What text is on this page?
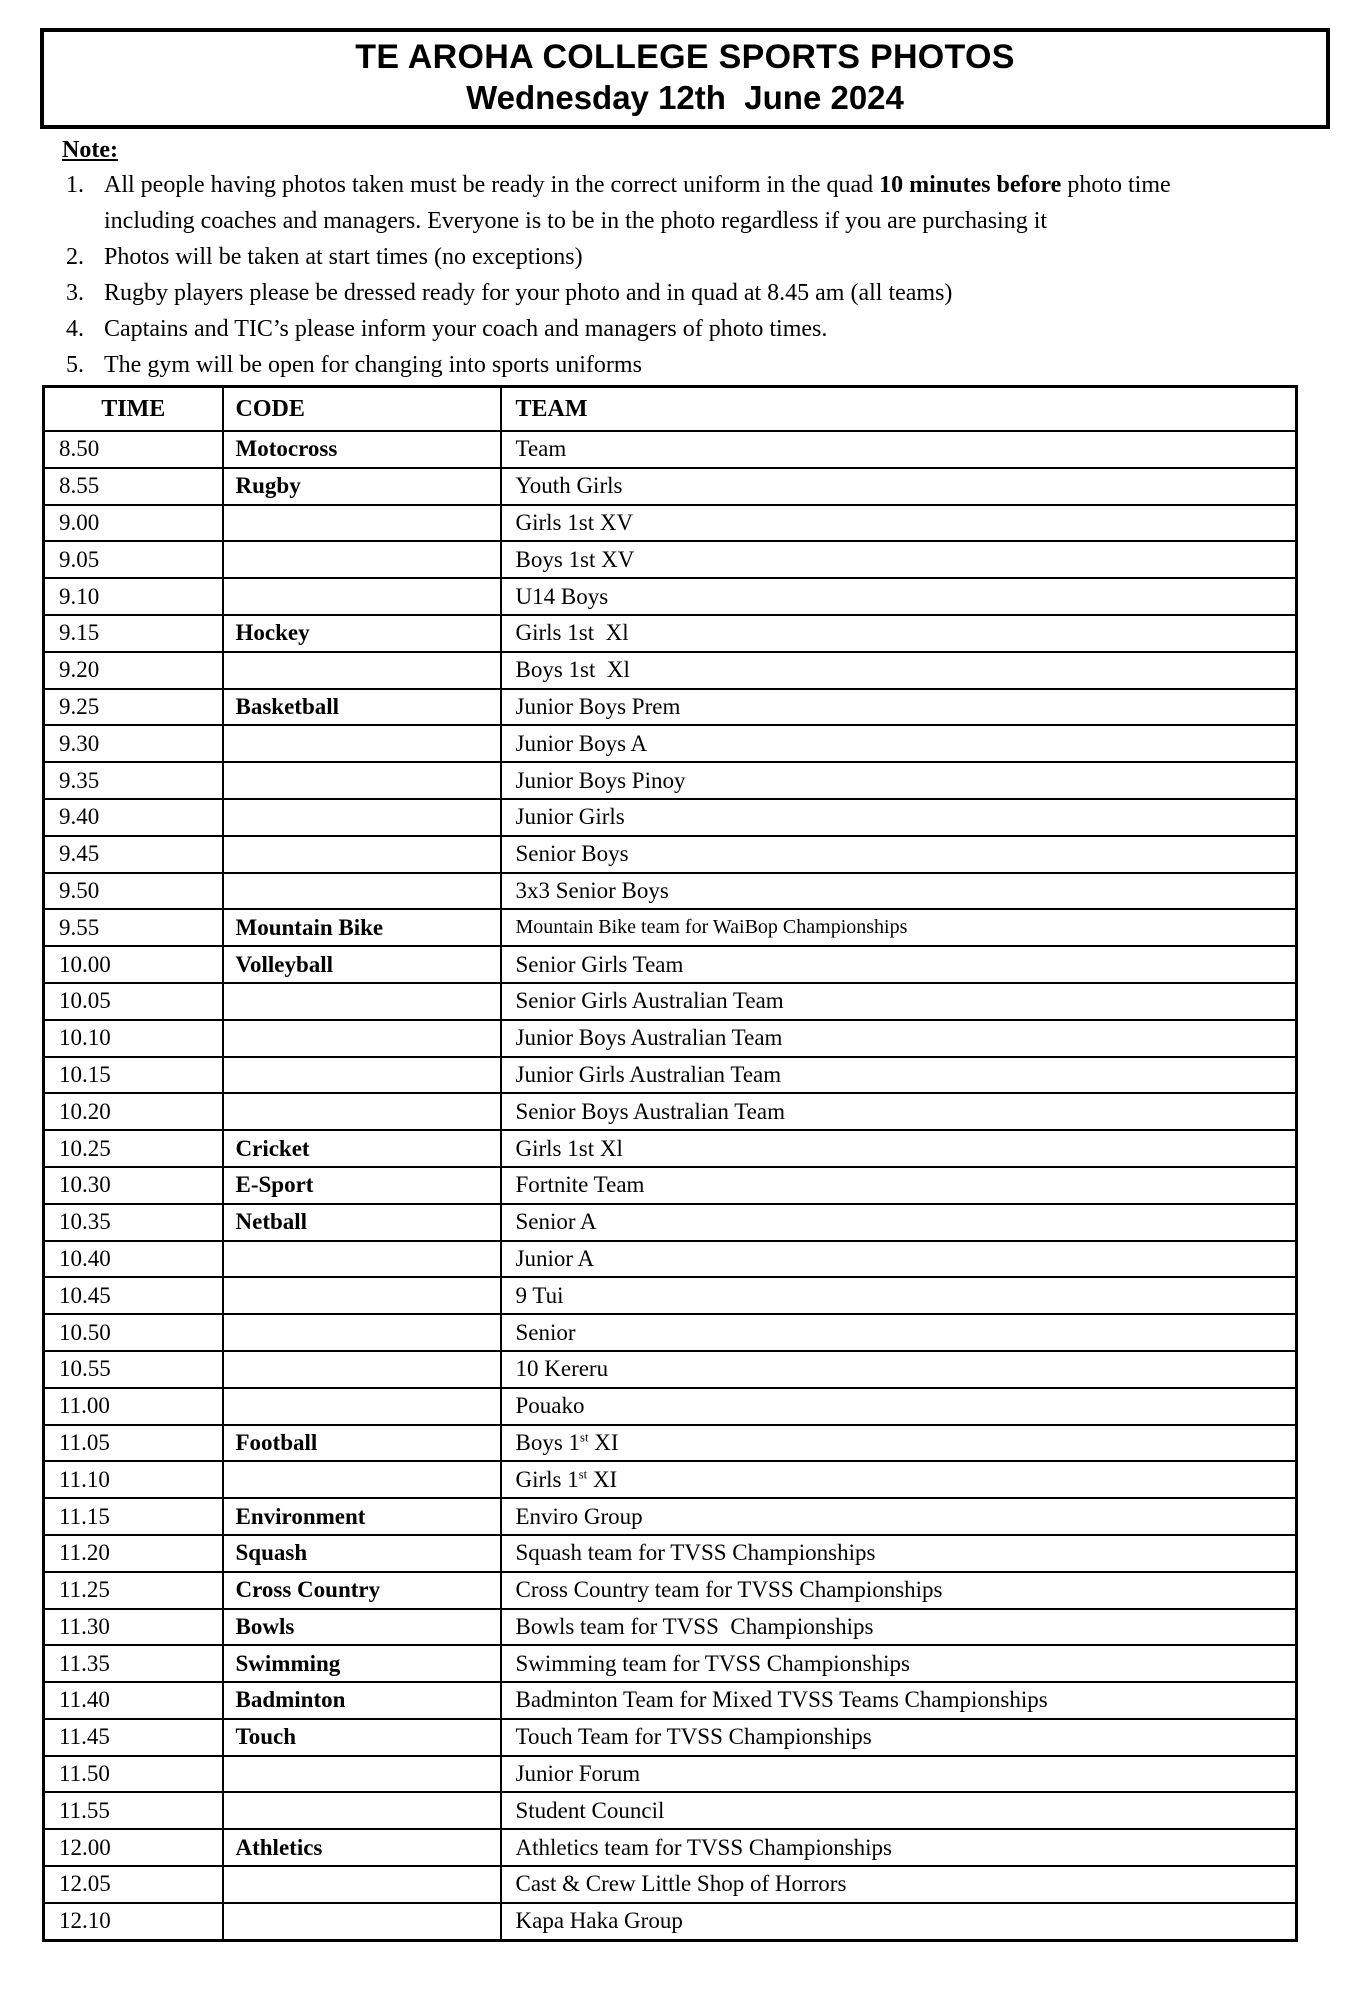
TE AROHA COLLEGE SPORTS PHOTOS
Wednesday 12th  June 2024
Note:
1. All people having photos taken must be ready in the correct uniform in the quad 10 minutes before photo time including coaches and managers. Everyone is to be in the photo regardless if you are purchasing it
2. Photos will be taken at start times (no exceptions)
3. Rugby players please be dressed ready for your photo and in quad at 8.45 am (all teams)
4. Captains and TIC’s please inform your coach and managers of photo times.
5. The gym will be open for changing into sports uniforms
TIME	CODE	TEAM
8.50	Motocross	Team
8.55	Rugby	Youth Girls
9.00		Girls 1st XV
9.05		Boys 1st XV
9.10		U14 Boys
9.15	Hockey	Girls 1st  Xl
9.20		Boys 1st  Xl
9.25	Basketball	Junior Boys Prem
9.30		Junior Boys A
9.35		Junior Boys Pinoy
9.40		Junior Girls
9.45		Senior Boys
9.50		3x3 Senior Boys
9.55	Mountain Bike	Mountain Bike team for WaiBop Championships
10.00	Volleyball	Senior Girls Team
10.05		Senior Girls Australian Team
10.10		Junior Boys Australian Team
10.15		Junior Girls Australian Team
10.20		Senior Boys Australian Team
10.25	Cricket	Girls 1st Xl
10.30	E-Sport	Fortnite Team
10.35	Netball	Senior A
10.40		Junior A
10.45		9 Tui
10.50		Senior
10.55		10 Kereru
11.00		Pouako
11.05	Football	Boys 1st XI
11.10		Girls 1st XI
11.15	Environment	Enviro Group
11.20	Squash	Squash team for TVSS Championships
11.25	Cross Country	Cross Country team for TVSS Championships
11.30	Bowls	Bowls team for TVSS  Championships
11.35	Swimming	Swimming team for TVSS Championships
11.40	Badminton	Badminton Team for Mixed TVSS Teams Championships
11.45	Touch	Touch Team for TVSS Championships
11.50		Junior Forum
11.55		Student Council
12.00	Athletics	Athletics team for TVSS Championships
12.05		Cast & Crew Little Shop of Horrors
12.10		Kapa Haka Group
